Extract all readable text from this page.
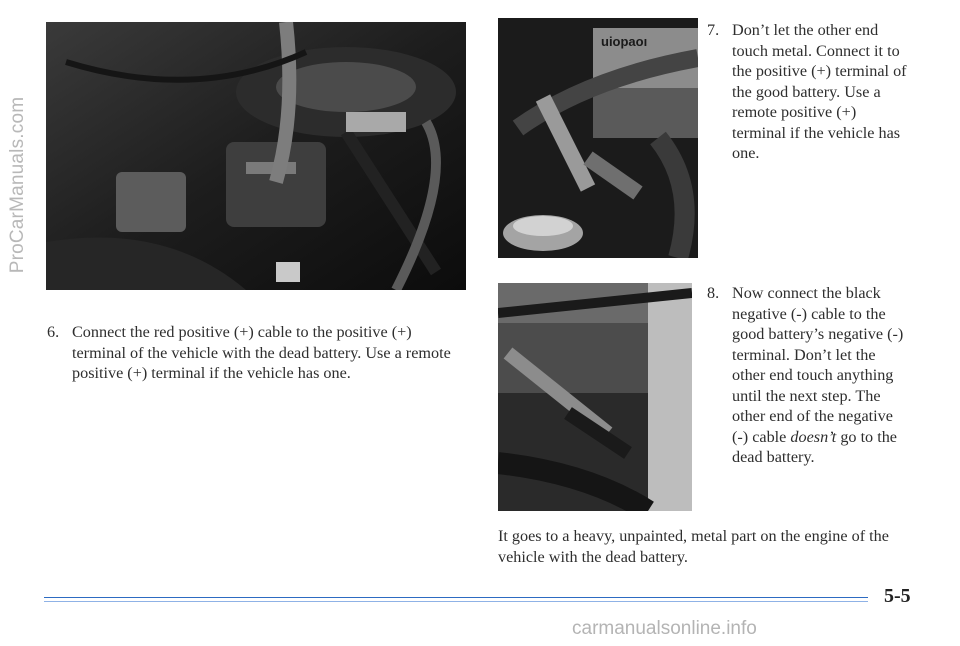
ProCarManuals.com
uiopaoı
6. Connect the red positive (+) cable to the positive (+) terminal of the vehicle with the dead battery. Use a remote positive (+) terminal if the vehicle has one.
7. Don’t let the other end touch metal. Connect it to the positive (+) terminal of the good battery. Use a remote positive (+) terminal if the vehicle has one.
8. Now connect the black negative (-) cable to the good battery’s negative (-) terminal. Don’t let the other end touch anything until the next step. The other end of the negative (-) cable doesn’t go to the dead battery.
It goes to a heavy, unpainted, metal part on the engine of the vehicle with the dead battery.
5-5
carmanualsonline.info
